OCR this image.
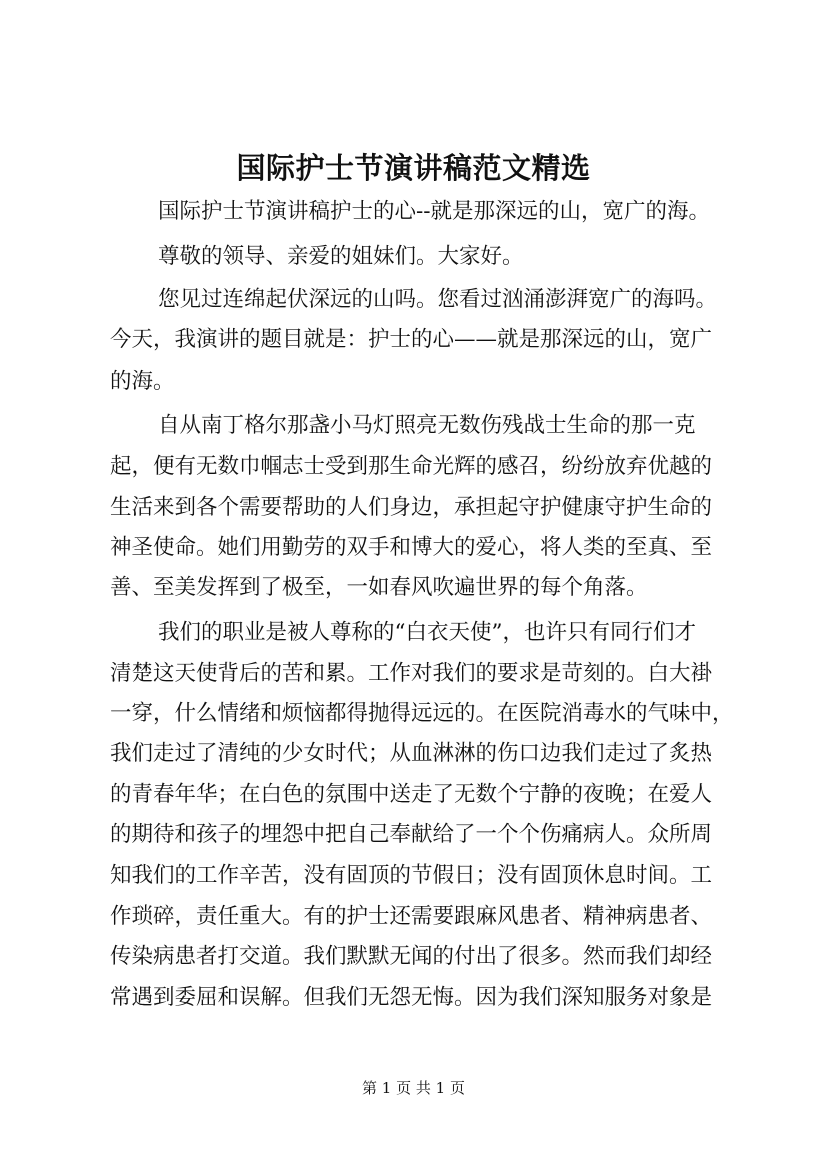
国际护士节演讲稿范文精选
国际护士节演讲稿护士的心--就是那深远的山，宽广的海。
尊敬的领导、亲爱的姐妹们。大家好。
您见过连绵起伏深远的山吗。您看过汹涌澎湃宽广的海吗。
今天，我演讲的题目就是：护士的心——就是那深远的山，宽广
的海。
自从南丁格尔那盏小马灯照亮无数伤残战士生命的那一克
起，便有无数巾帼志士受到那生命光辉的感召，纷纷放弃优越的
生活来到各个需要帮助的人们身边，承担起守护健康守护生命的
神圣使命。她们用勤劳的双手和博大的爱心，将人类的至真、至
善、至美发挥到了极至，一如春风吹遍世界的每个角落。
我们的职业是被人尊称的“白衣天使”，也许只有同行们才
清楚这天使背后的苦和累。工作对我们的要求是苛刻的。白大褂
一穿，什么情绪和烦恼都得抛得远远的。在医院消毒水的气味中，
我们走过了清纯的少女时代；从血淋淋的伤口边我们走过了炙热
的青春年华；在白色的氛围中送走了无数个宁静的夜晚；在爱人
的期待和孩子的埋怨中把自己奉献给了一个个伤痛病人。众所周
知我们的工作辛苦，没有固顶的节假日；没有固顶休息时间。工
作琐碎，责任重大。有的护士还需要跟麻风患者、精神病患者、
传染病患者打交道。我们默默无闻的付出了很多。然而我们却经
常遇到委屈和误解。但我们无怨无悔。因为我们深知服务对象是
第 1 页 共 1 页
